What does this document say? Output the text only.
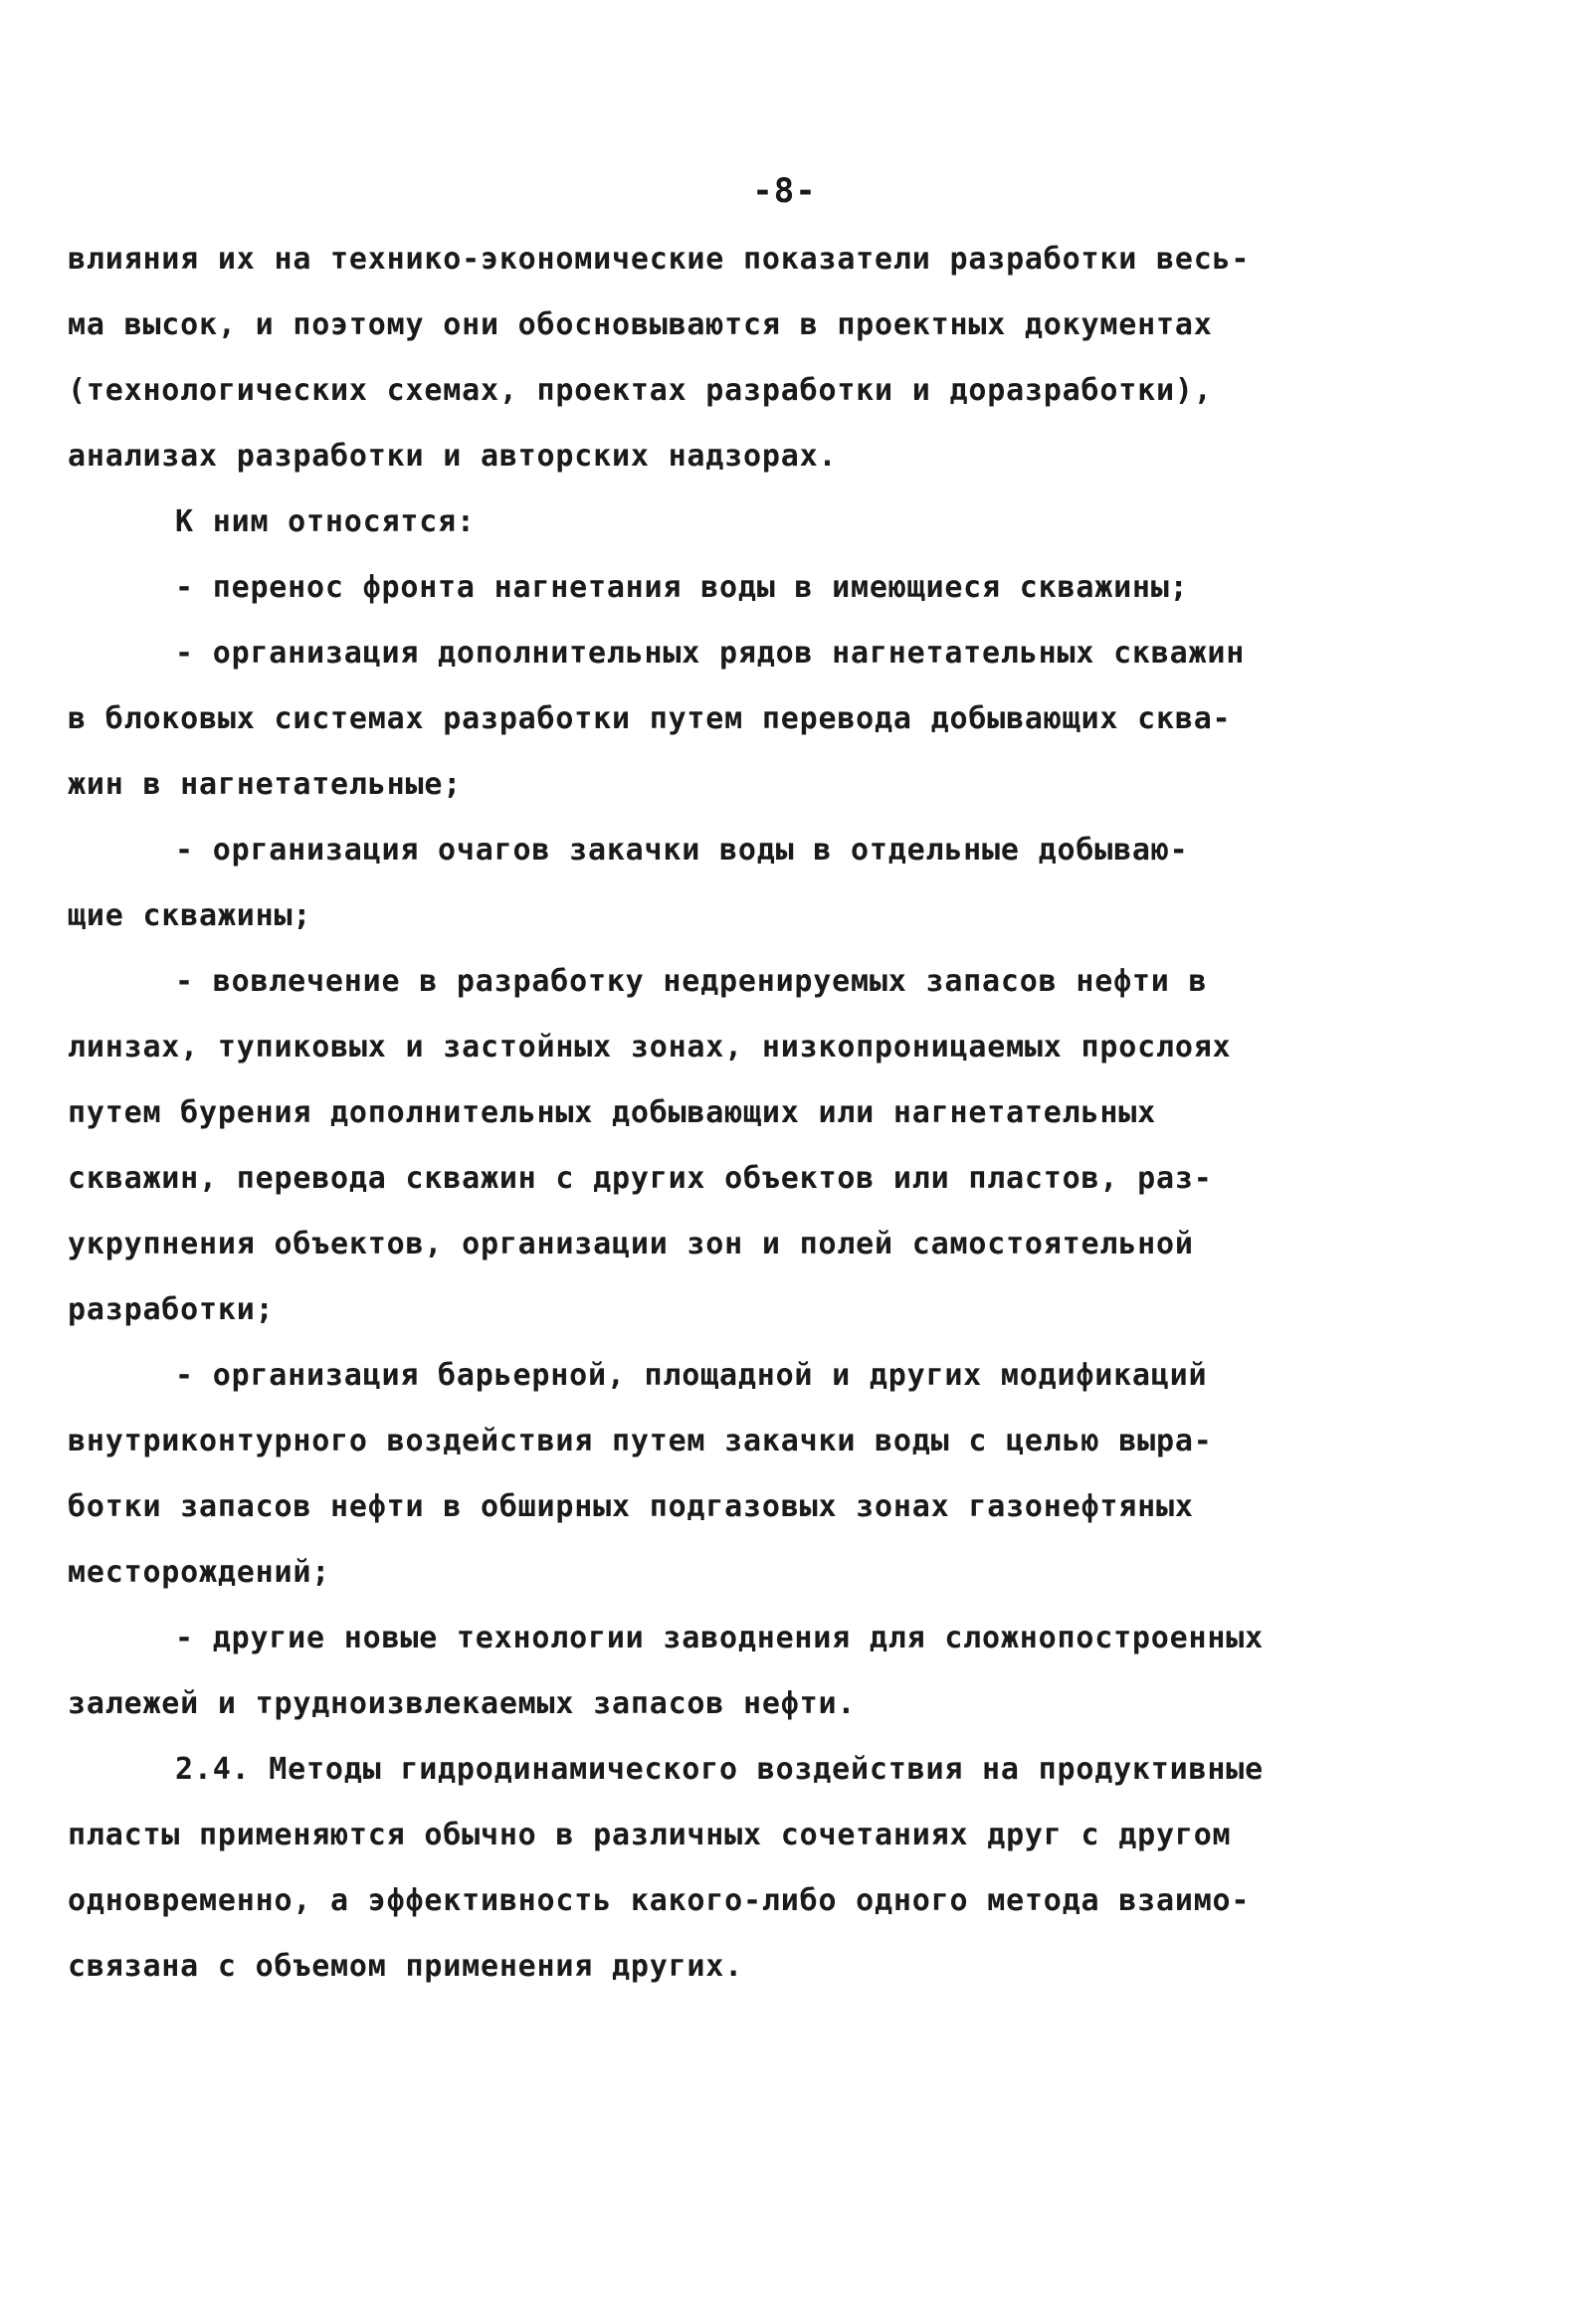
-8-
влияния их на технико-экономические показатели разработки весь-
ма высок, и поэтому они обосновываются в проектных документах
(технологических схемах, проектах разработки и доразработки),
анализах разработки и авторских надзорах.
К ним относятся:
- перенос фронта нагнетания воды в имеющиеся скважины;
- организация дополнительных рядов нагнетательных скважин
в блоковых системах разработки путем перевода добывающих сква-
жин в нагнетательные;
- организация очагов закачки воды в отдельные добываю-
щие скважины;
- вовлечение в разработку недренируемых запасов нефти в
линзах, тупиковых и застойных зонах, низкопроницаемых прослоях
путем бурения дополнительных добывающих или нагнетательных
скважин, перевода скважин с других объектов или пластов, раз-
укрупнения объектов, организации зон и полей самостоятельной
разработки;
- организация барьерной, площадной и других модификаций
внутриконтурного воздействия путем закачки воды с целью выра-
ботки запасов нефти в обширных подгазовых зонах газонефтяных
месторождений;
- другие новые технологии заводнения для сложнопостроенных
залежей и трудноизвлекаемых запасов нефти.
2.4. Методы гидродинамического воздействия на продуктивные
пласты применяются обычно в различных сочетаниях друг с другом
одновременно, а эффективность какого-либо одного метода взаимо-
связана с объемом применения других.
